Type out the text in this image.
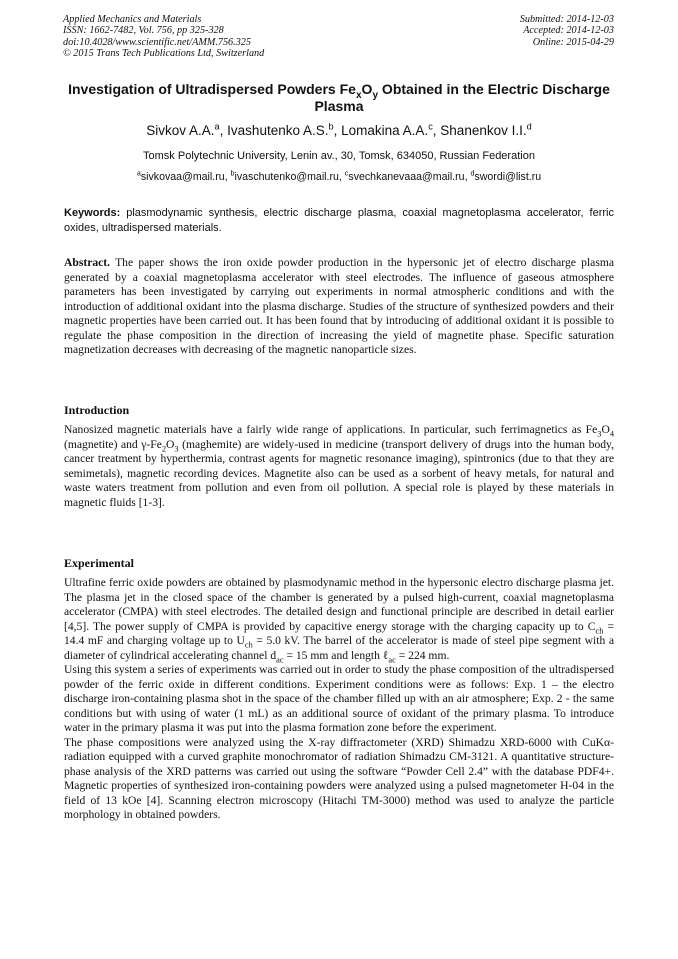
Applied Mechanics and Materials
ISSN: 1662-7482, Vol. 756, pp 325-328
doi:10.4028/www.scientific.net/AMM.756.325
© 2015 Trans Tech Publications Ltd, Switzerland
Submitted: 2014-12-03
Accepted: 2014-12-03
Online: 2015-04-29
Investigation of Ultradispersed Powders $Fe_xO_y$ Obtained in the Electric Discharge Plasma
Sivkov A.A.$^a$, Ivashutenko A.S.$^b$, Lomakina A.A.$^c$, Shanenkov I.I.$^d$
Tomsk Polytechnic University, Lenin av., 30, Tomsk, 634050, Russian Federation
$^a$sivkovaa@mail.ru, $^b$ivaschutenko@mail.ru, $^c$svechkanevaaa@mail.ru, $^d$swordi@list.ru
Keywords: plasmodynamic synthesis, electric discharge plasma, coaxial magnetoplasma accelerator, ferric oxides, ultradispersed materials.
Abstract. The paper shows the iron oxide powder production in the hypersonic jet of electro discharge plasma generated by a coaxial magnetoplasma accelerator with steel electrodes. The influence of gaseous atmosphere parameters has been investigated by carrying out experiments in normal atmospheric conditions and with the introduction of additional oxidant into the plasma discharge. Studies of the structure of synthesized powders and their magnetic properties have been carried out. It has been found that by introducing of additional oxidant it is possible to regulate the phase composition in the direction of increasing the yield of magnetite phase. Specific saturation magnetization decreases with decreasing of the magnetic nanoparticle sizes.
Introduction
Nanosized magnetic materials have a fairly wide range of applications. In particular, such ferrimagnetics as $Fe_3O_4$ (magnetite) and $\gamma-Fe_2O_3$ (maghemite) are widely-used in medicine (transport delivery of drugs into the human body, cancer treatment by hyperthermia, contrast agents for magnetic resonance imaging), spintronics (due to that they are semimetals), magnetic recording devices. Magnetite also can be used as a sorbent of heavy metals, for natural and waste waters treatment from pollution and even from oil pollution. A special role is played by these materials in magnetic fluids [1-3].
Experimental

Ultrafine ferric oxide powders are obtained by plasmodynamic method in the hypersonic electro discharge plasma jet. The plasma jet in the closed space of the chamber is generated by a pulsed high-current, coaxial magnetoplasma accelerator (CMPA) with steel electrodes. The detailed design and functional principle are described in detail earlier [4,5]. The power supply of CMPA is provided by capacitive energy storage with the charging capacity up to $C_{ch} = 14.4$ mF and charging voltage up to $U_{ch} = 5.0$ kV. The barrel of the accelerator is made of steel pipe segment with a diameter of cylindrical accelerating channel $d_{ac} = 15$ mm and length ℓ$_{ac}$ = 224 mm.

Using this system a series of experiments was carried out in order to study the phase composition of the ultradispersed powder of the ferric oxide in different conditions. Experiment conditions were as follows: Exp. 1 – the electro discharge iron-containing plasma shot in the space of the chamber filled up with an air atmosphere; Exp. 2 - the same conditions but with using of water (1 mL) as an additional source of oxidant of the primary plasma. To introduce water in the primary plasma it was put into the plasma formation zone before the experiment.

The phase compositions were analyzed using the X-ray diffractometer (XRD) Shimadzu XRD-6000 with CuKα-radiation equipped with a curved graphite monochromator of radiation Shimadzu CM-3121. A quantitative structure-phase analysis of the XRD patterns was carried out using the software “Powder Cell 2.4” with the database PDF4+. Magnetic properties of synthesized iron-containing powders were analyzed using a pulsed magnetometer H-04 in the field of 13 kOe [4]. Scanning electron microscopy (Hitachi TM-3000) method was used to analyze the particle morphology in obtained powders.
